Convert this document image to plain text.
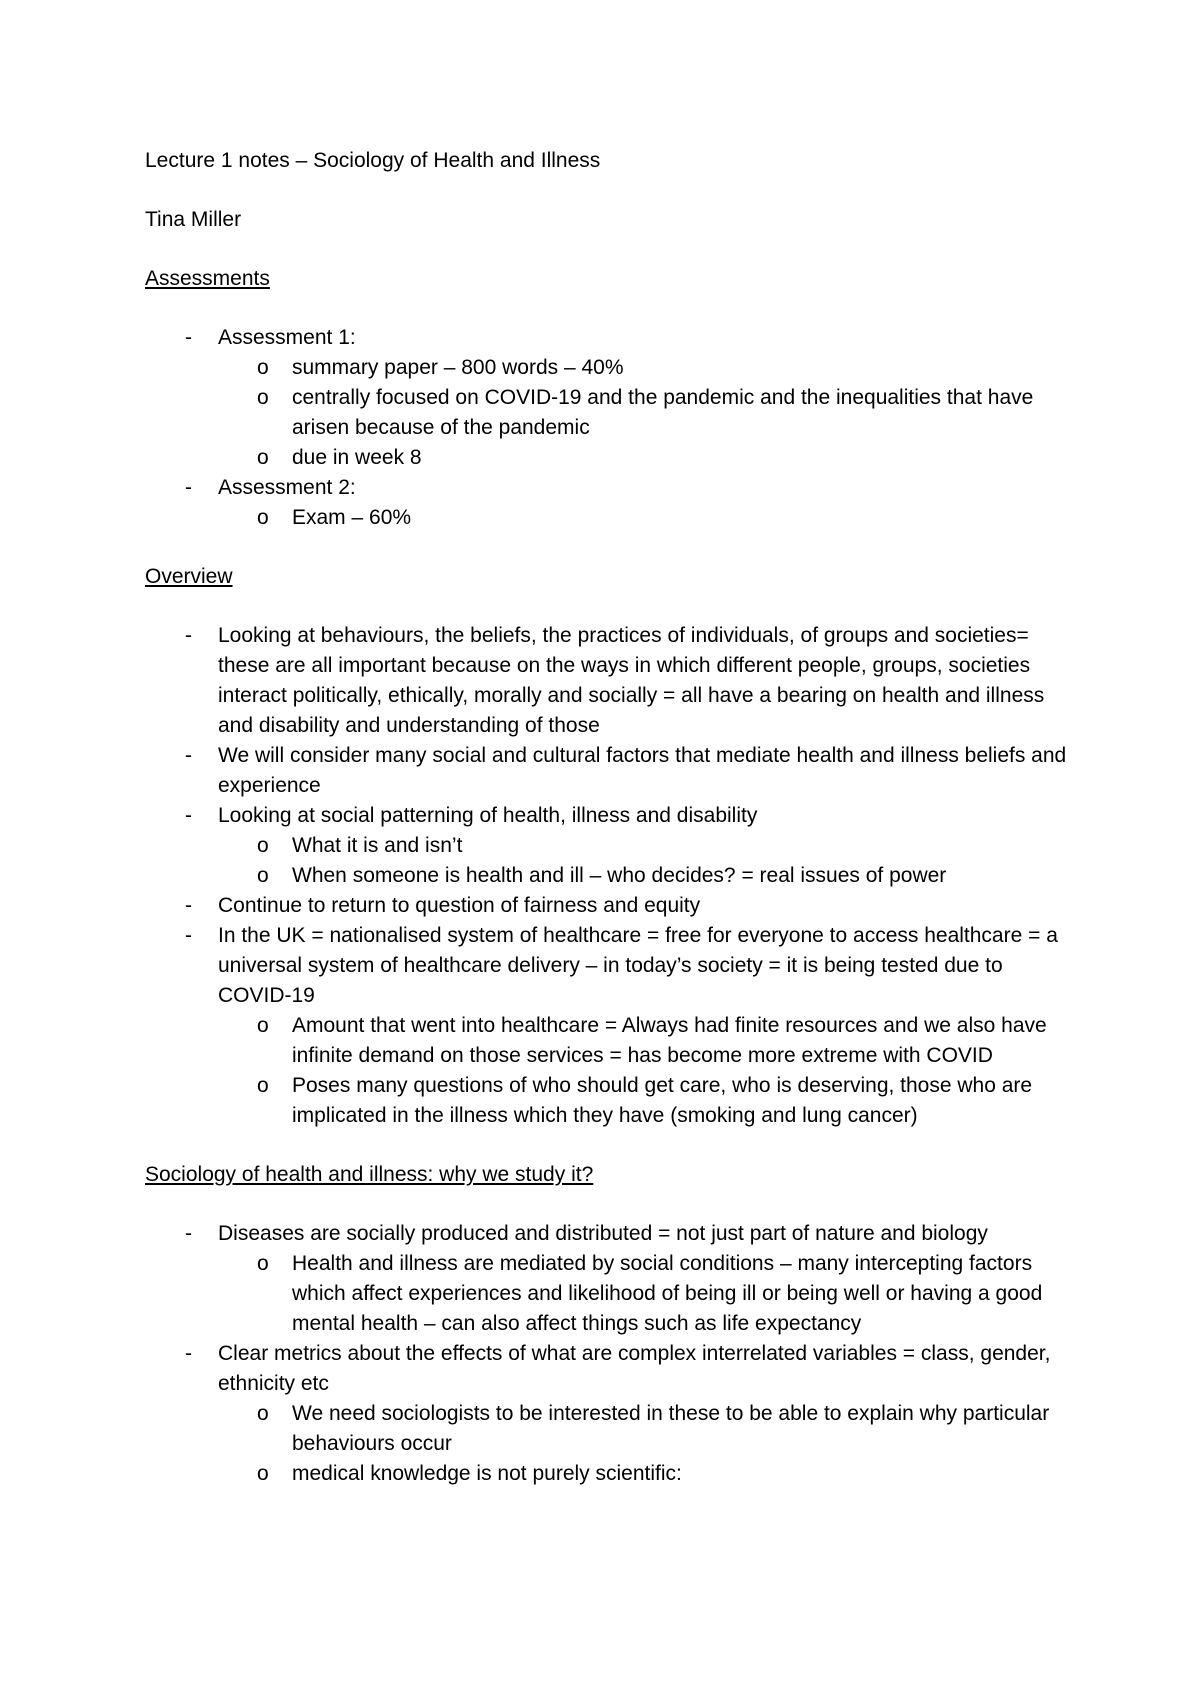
Lecture 1 notes – Sociology of Health and Illness

Tina Miller

Assessments

- Assessment 1:
o summary paper – 800 words – 40%
o centrally focused on COVID-19 and the pandemic and the inequalities that have arisen because of the pandemic
o due in week 8
- Assessment 2:
o Exam – 60%

Overview

- Looking at behaviours, the beliefs, the practices of individuals, of groups and societies= these are all important because on the ways in which different people, groups, societies interact politically, ethically, morally and socially = all have a bearing on health and illness and disability and understanding of those
- We will consider many social and cultural factors that mediate health and illness beliefs and experience
- Looking at social patterning of health, illness and disability
o What it is and isn’t
o When someone is health and ill – who decides? = real issues of power
- Continue to return to question of fairness and equity
- In the UK = nationalised system of healthcare = free for everyone to access healthcare = a universal system of healthcare delivery – in today’s society = it is being tested due to COVID-19
o Amount that went into healthcare = Always had finite resources and we also have infinite demand on those services = has become more extreme with COVID
o Poses many questions of who should get care, who is deserving, those who are implicated in the illness which they have (smoking and lung cancer)

Sociology of health and illness: why we study it?

- Diseases are socially produced and distributed = not just part of nature and biology
o Health and illness are mediated by social conditions – many intercepting factors which affect experiences and likelihood of being ill or being well or having a good mental health – can also affect things such as life expectancy
- Clear metrics about the effects of what are complex interrelated variables = class, gender, ethnicity etc
o We need sociologists to be interested in these to be able to explain why particular behaviours occur
o medical knowledge is not purely scientific:
